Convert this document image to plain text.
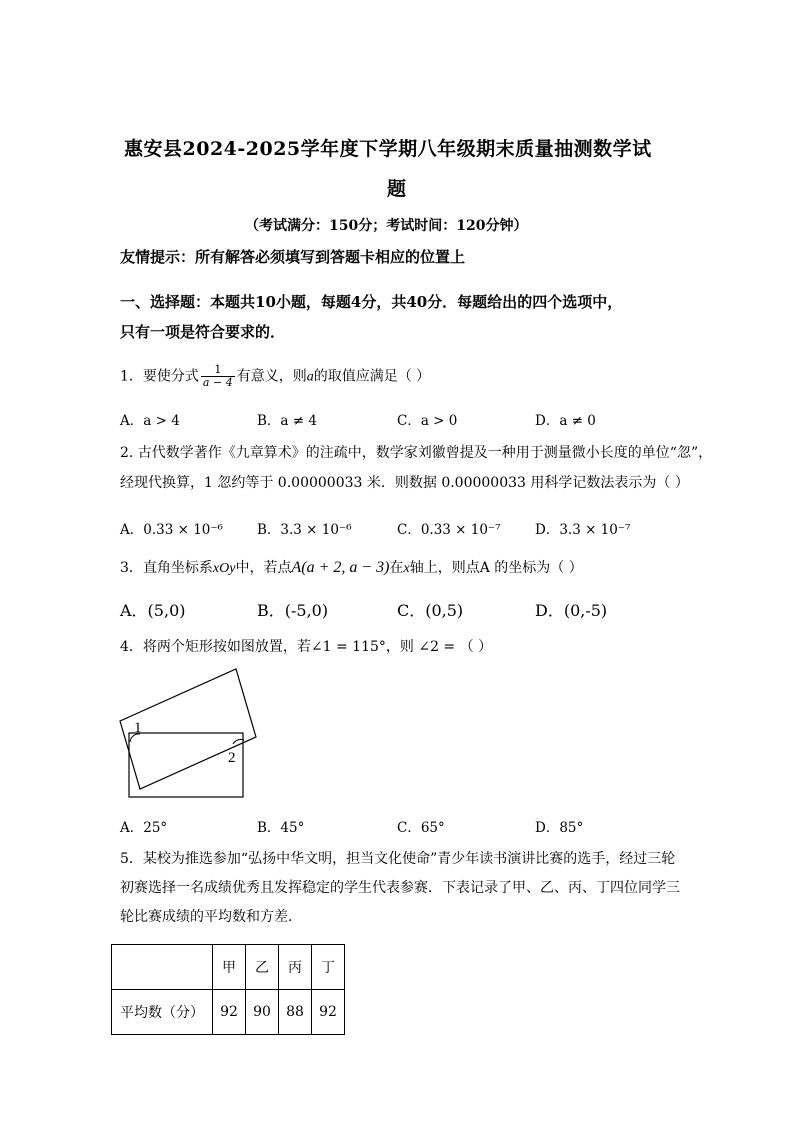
惠安县2024-2025学年度下学期八年级期末质量抽测数学试
题
（考试满分：150分；考试时间：120分钟）
友情提示：所有解答必须填写到答题卡相应的位置上
一、选择题：本题共10小题，每题4分，共40分．每题给出的四个选项中，
只有一项是符合要求的．
1．要使分式 $\frac{1}{a - 4}$ 有意义，则a的取值应满足（ ）
A．a > 4	B．a ≠ 4	C．a > 0	D．a ≠ 0
2. 古代数学著作《九章算术》的注疏中，数学家刘徽曾提及一种用于测量微小长度的单位“忽”，
经现代换算，1 忽约等于 0.00000033 米．则数据 0.00000033 用科学记数法表示为（ ）
A．0.33 × 10⁻⁶	B．3.3 × 10⁻⁶	C．0.33 × 10⁻⁷	D．3.3 × 10⁻⁷
3．直角坐标系xOy中，若点A(a + 2, a − 3)在x轴上，则点A 的坐标为（ ）
A．(5,0)	B．(-5,0)	C．(0,5)	D．(0,-5)
4．将两个矩形按如图放置，若∠1 = 115°，则 ∠2 = （ ）
1
2
A．25°	B．45°	C．65°	D．85°
5．某校为推选参加“弘扬中华文明，担当文化使命”青少年读书演讲比赛的选手，经过三轮
初赛选择一名成绩优秀且发挥稳定的学生代表参赛．下表记录了甲、乙、丙、丁四位同学三
轮比赛成绩的平均数和方差．
	甲	乙	丙	丁
平均数（分）	92	90	88	92
